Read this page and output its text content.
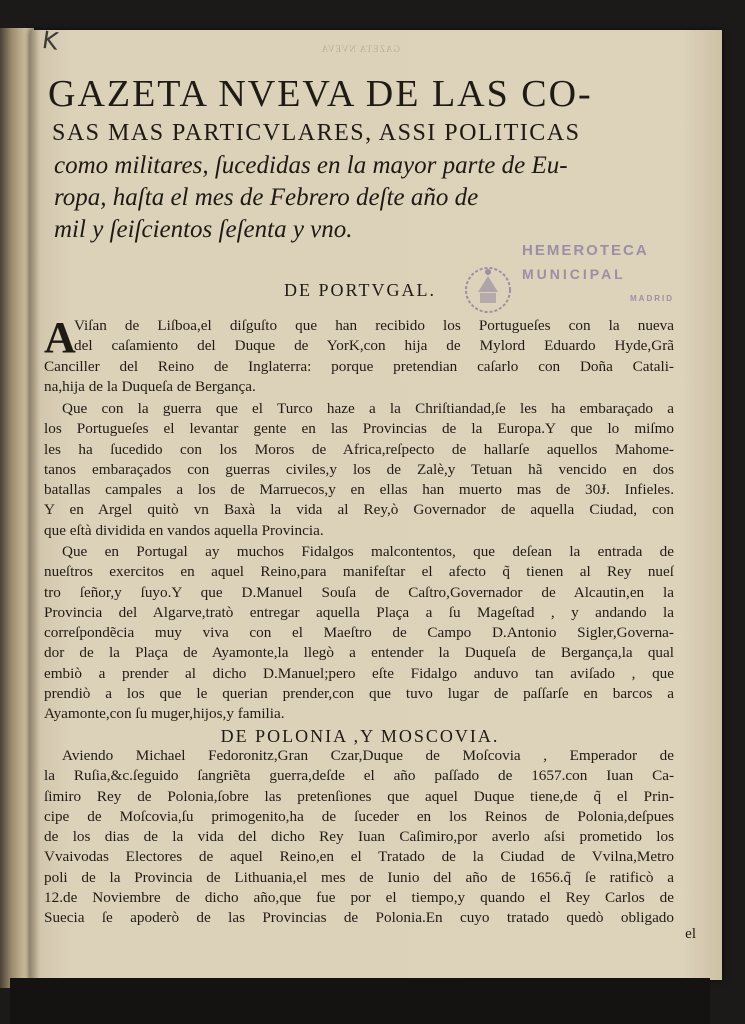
K	GAZETA NVEVA
GAZETA NVEVA DE LAS CO-
SAS MAS PARTICVLARES, ASSI POLITICAS
como militares, ſucedidas en la mayor parte de Eu-
ropa, haſta el mes de Febrero deſte año de
mil y ſeiſcientos ſeſenta y vno.
HEMEROTECA
MUNICIPAL
MADRID
DE PORTVGAL.
A
Viſan de Liſboa,el diſguſto que han recibido los Portugueſes con la nueva
del caſamiento del Duque de YorK,con hija de Mylord Eduardo Hyde,Grã
Canciller del Reino de Inglaterra: porque pretendian caſarlo con Doña Catali-
na,hija de la Duqueſa de Bergança.
Que con la guerra que el Turco haze a la Chriſtiandad,ſe les ha embaraçado a
los Portugueſes el levantar gente en las Provincias de la Europa.Y que lo miſmo
les ha ſucedido con los Moros de Africa,reſpecto de hallarſe aquellos Mahome-
tanos embaraçados con guerras civiles,y los de Zalè,y Tetuan hã vencido en dos
batallas campales a los de Marruecos,y en ellas han muerto mas de 30Ɉ. Infieles.
Y en Argel quitò vn Baxà la vida al Rey,ò Governador de aquella Ciudad, con
que eſtà dividida en vandos aquella Provincia.
Que en Portugal ay muchos Fidalgos malcontentos, que deſean la entrada de
nueſtros exercitos en aquel Reino,para manifeſtar el afecto q̃ tienen al Rey nueſ
tro ſeñor,y ſuyo.Y que D.Manuel Souſa de Caſtro,Governador de Alcautin,en la
Provincia del Algarve,tratò entregar aquella Plaça a ſu Mageſtad , y andando la
correſpondẽcia muy viva con el Maeſtro de Campo D.Antonio Sigler,Governa-
dor de la Plaça de Ayamonte,la llegò a entender la Duqueſa de Bergança,la qual
embiò a prender al dicho D.Manuel;pero eſte Fidalgo anduvo tan aviſado , que
prendiò a los que le querian prender,con que tuvo lugar de paſſarſe en barcos a
Ayamonte,con ſu muger,hijos,y familia.
DE POLONIA ,Y MOSCOVIA.
Aviendo Michael Fedoronitz,Gran Czar,Duque de Moſcovia , Emperador de
la Ruſia,&c.ſeguido ſangriẽta guerra,deſde el año paſſado de 1657.con Iuan Ca-
ſimiro Rey de Polonia,ſobre las pretenſiones que aquel Duque tiene,de q̃ el Prin-
cipe de Moſcovia,ſu primogenito,ha de ſuceder en los Reinos de Polonia,deſpues
de los dias de la vida del dicho Rey Iuan Caſimiro,por averlo aſsi prometido los
Vvaivodas Electores de aquel Reino,en el Tratado de la Ciudad de Vvilna,Metro
poli de la Provincia de Lithuania,el mes de Iunio del año de 1656.q̃ ſe ratificò a
12.de Noviembre de dicho año,que fue por el tiempo,y quando el Rey Carlos de
Suecia ſe apoderò de las Provincias de Polonia.En cuyo tratado quedò obligado
el
